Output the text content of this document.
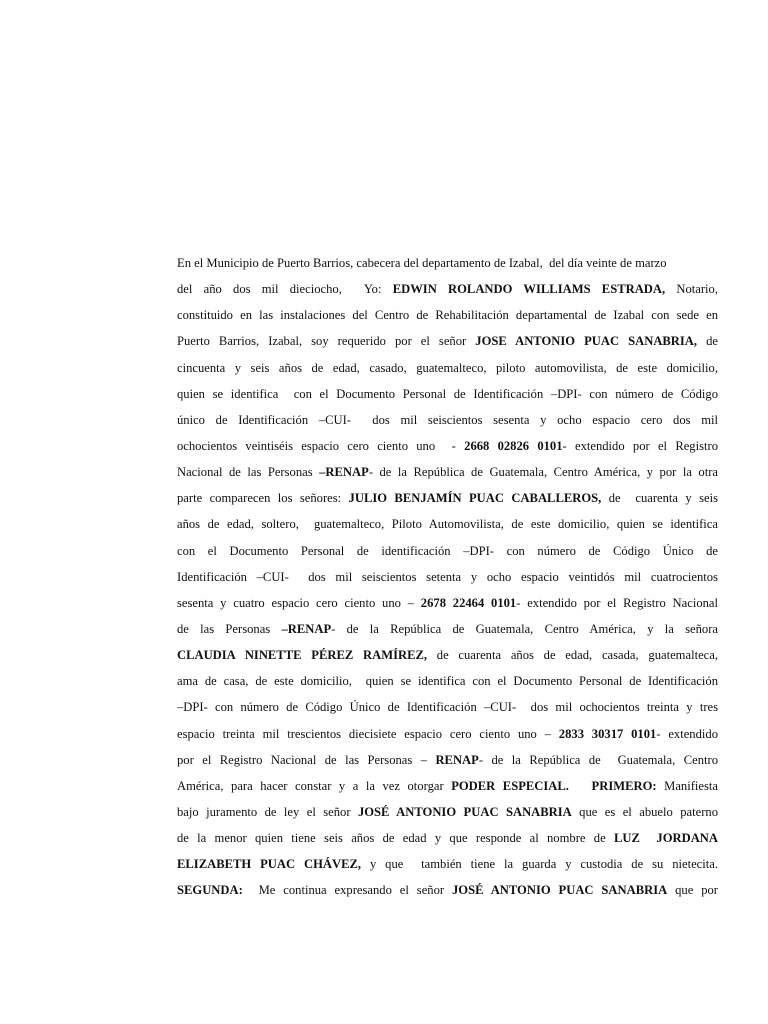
En el Municipio de Puerto Barrios, cabecera del departamento de Izabal,  del día veinte de marzo
del año dos mil dieciocho,  Yo: EDWIN ROLANDO WILLIAMS ESTRADA, Notario,
constituido en las instalaciones del Centro de Rehabilitación departamental de Izabal con sede en
Puerto Barrios, Izabal, soy requerido por el señor JOSE ANTONIO PUAC SANABRIA, de
cincuenta y seis años de edad, casado, guatemalteco, piloto automovilista, de este domicilio,
quien se identifica  con el Documento Personal de Identificación –DPI- con número de Código
único de Identificación –CUI-  dos mil seiscientos sesenta y ocho espacio cero dos mil
ochocientos veintiséis espacio cero ciento uno  - 2668 02826 0101- extendido por el Registro
Nacional de las Personas –RENAP- de la República de Guatemala, Centro América, y por la otra
parte comparecen los señores: JULIO BENJAMÍN PUAC CABALLEROS, de  cuarenta y seis
años de edad, soltero,  guatemalteco, Piloto Automovilista, de este domicilio, quien se identifica
con el Documento Personal de identificación –DPI- con número de Código Único de
Identificación –CUI-  dos mil seiscientos setenta y ocho espacio veintidós mil cuatrocientos
sesenta y cuatro espacio cero ciento uno – 2678 22464 0101- extendido por el Registro Nacional
de las Personas –RENAP- de la República de Guatemala, Centro América, y la señora
CLAUDIA NINETTE PÉREZ RAMÍREZ, de cuarenta años de edad, casada, guatemalteca,
ama de casa, de este domicilio,  quien se identifica con el Documento Personal de Identificación
–DPI- con número de Código Único de Identificación –CUI-  dos mil ochocientos treinta y tres
espacio treinta mil trescientos diecisiete espacio cero ciento uno – 2833 30317 0101- extendido
por el Registro Nacional de las Personas – RENAP- de la República de  Guatemala, Centro
América, para hacer constar y a la vez otorgar PODER ESPECIAL.   PRIMERO: Manifiesta
bajo juramento de ley el señor JOSÉ ANTONIO PUAC SANABRIA que es el abuelo paterno
de la menor quien tiene seis años de edad y que responde al nombre de LUZ  JORDANA
ELIZABETH PUAC CHÁVEZ, y que  también tiene la guarda y custodia de su nietecita.
SEGUNDA:  Me continua expresando el señor JOSÉ ANTONIO PUAC SANABRIA que por
